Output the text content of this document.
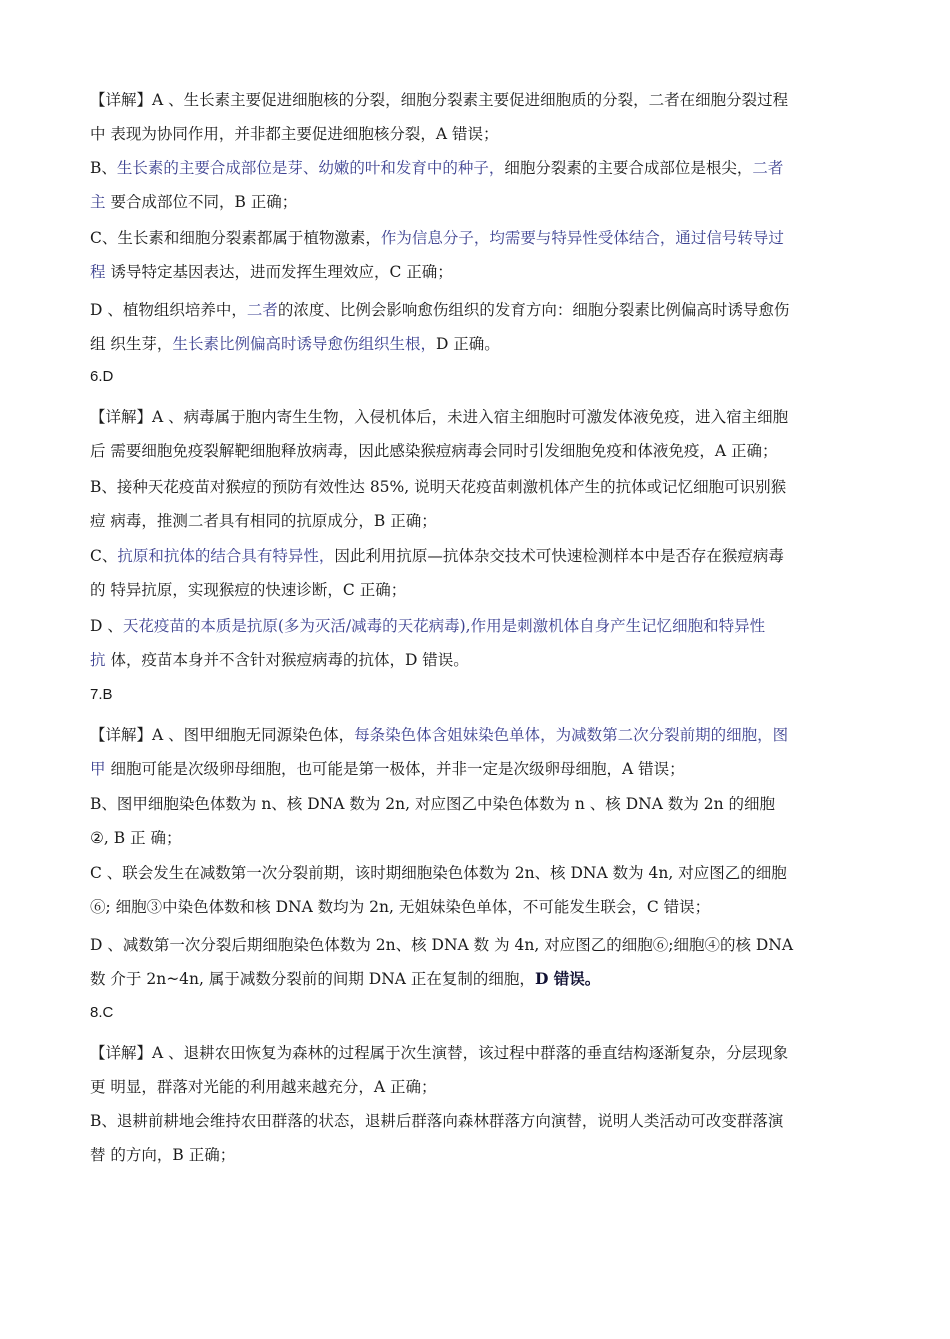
【详解】A 、生长素主要促进细胞核的分裂，细胞分裂素主要促进细胞质的分裂，二者在细胞分裂过程
中 表现为协同作用，并非都主要促进细胞核分裂，A 错误；
B、生长素的主要合成部位是芽、幼嫩的叶和发育中的种子，细胞分裂素的主要合成部位是根尖，二者
主 要合成部位不同，B 正确；
C、生长素和细胞分裂素都属于植物激素，作为信息分子，均需要与特异性受体结合，通过信号转导过
程 诱导特定基因表达，进而发挥生理效应，C 正确；
D 、植物组织培养中，二者的浓度、比例会影响愈伤组织的发育方向：细胞分裂素比例偏高时诱导愈伤
组 织生芽，生长素比例偏高时诱导愈伤组织生根，D 正确。
6.D
【详解】A 、病毒属于胞内寄生生物，入侵机体后，未进入宿主细胞时可激发体液免疫，进入宿主细胞
后 需要细胞免疫裂解靶细胞释放病毒，因此感染猴痘病毒会同时引发细胞免疫和体液免疫，A 正确；
B、接种天花疫苗对猴痘的预防有效性达 85%, 说明天花疫苗刺激机体产生的抗体或记忆细胞可识别猴
痘 病毒，推测二者具有相同的抗原成分，B 正确；
C、抗原和抗体的结合具有特异性，因此利用抗原—抗体杂交技术可快速检测样本中是否存在猴痘病毒
的 特异抗原，实现猴痘的快速诊断，C 正确；
D 、天花疫苗的本质是抗原(多为灭活/减毒的天花病毒),作用是刺激机体自身产生记忆细胞和特异性
抗 体，疫苗本身并不含针对猴痘病毒的抗体，D 错误。
7.B
【详解】A 、图甲细胞无同源染色体，每条染色体含姐妹染色单体，为减数第二次分裂前期的细胞，图
甲 细胞可能是次级卵母细胞，也可能是第一极体，并非一定是次级卵母细胞，A 错误；
B、图甲细胞染色体数为 n、核 DNA 数为 2n, 对应图乙中染色体数为 n 、核 DNA 数为 2n 的细胞
②, B 正 确；
C 、联会发生在减数第一次分裂前期，该时期细胞染色体数为 2n、核 DNA 数为 4n, 对应图乙的细胞
⑥; 细胞③中染色体数和核 DNA 数均为 2n, 无姐妹染色单体，不可能发生联会，C 错误；
D 、减数第一次分裂后期细胞染色体数为 2n、核 DNA 数 为 4n, 对应图乙的细胞⑥;细胞④的核 DNA
数 介于 2n~4n, 属于减数分裂前的间期 DNA 正在复制的细胞，D 错误。
8.C
【详解】A 、退耕农田恢复为森林的过程属于次生演替，该过程中群落的垂直结构逐渐复杂，分层现象
更 明显，群落对光能的利用越来越充分，A 正确；
B、退耕前耕地会维持农田群落的状态，退耕后群落向森林群落方向演替，说明人类活动可改变群落演
替 的方向，B 正确；
